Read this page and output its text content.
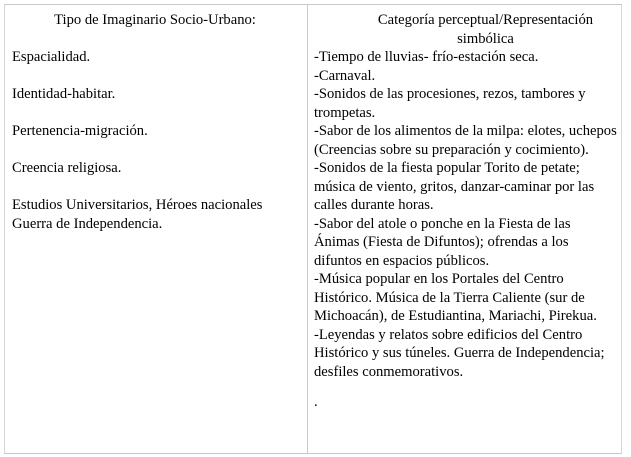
Tipo de Imaginario Socio-Urbano:
Espacialidad.
Identidad-habitar.
Pertenencia-migración.
Creencia religiosa.
Estudios Universitarios, Héroes nacionales Guerra de Independencia.
Categoría perceptual/Representación simbólica
-Tiempo de lluvias- frío-estación seca.
-Carnaval.
-Sonidos de las procesiones, rezos, tambores y trompetas.
-Sabor de los alimentos de la milpa: elotes, uchepos (Creencias sobre su preparación y cocimiento).
-Sonidos de la fiesta popular Torito de petate; música de viento, gritos, danzar-caminar por las calles durante horas.
-Sabor del atole o ponche en la Fiesta de las Ánimas (Fiesta de Difuntos); ofrendas a los difuntos en espacios públicos.
-Música popular en los Portales del Centro Histórico. Música de la Tierra Caliente (sur de Michoacán), de Estudiantina, Mariachi, Pirekua.
-Leyendas y relatos sobre edificios del Centro Histórico y sus túneles. Guerra de Independencia; desfiles conmemorativos.
.
